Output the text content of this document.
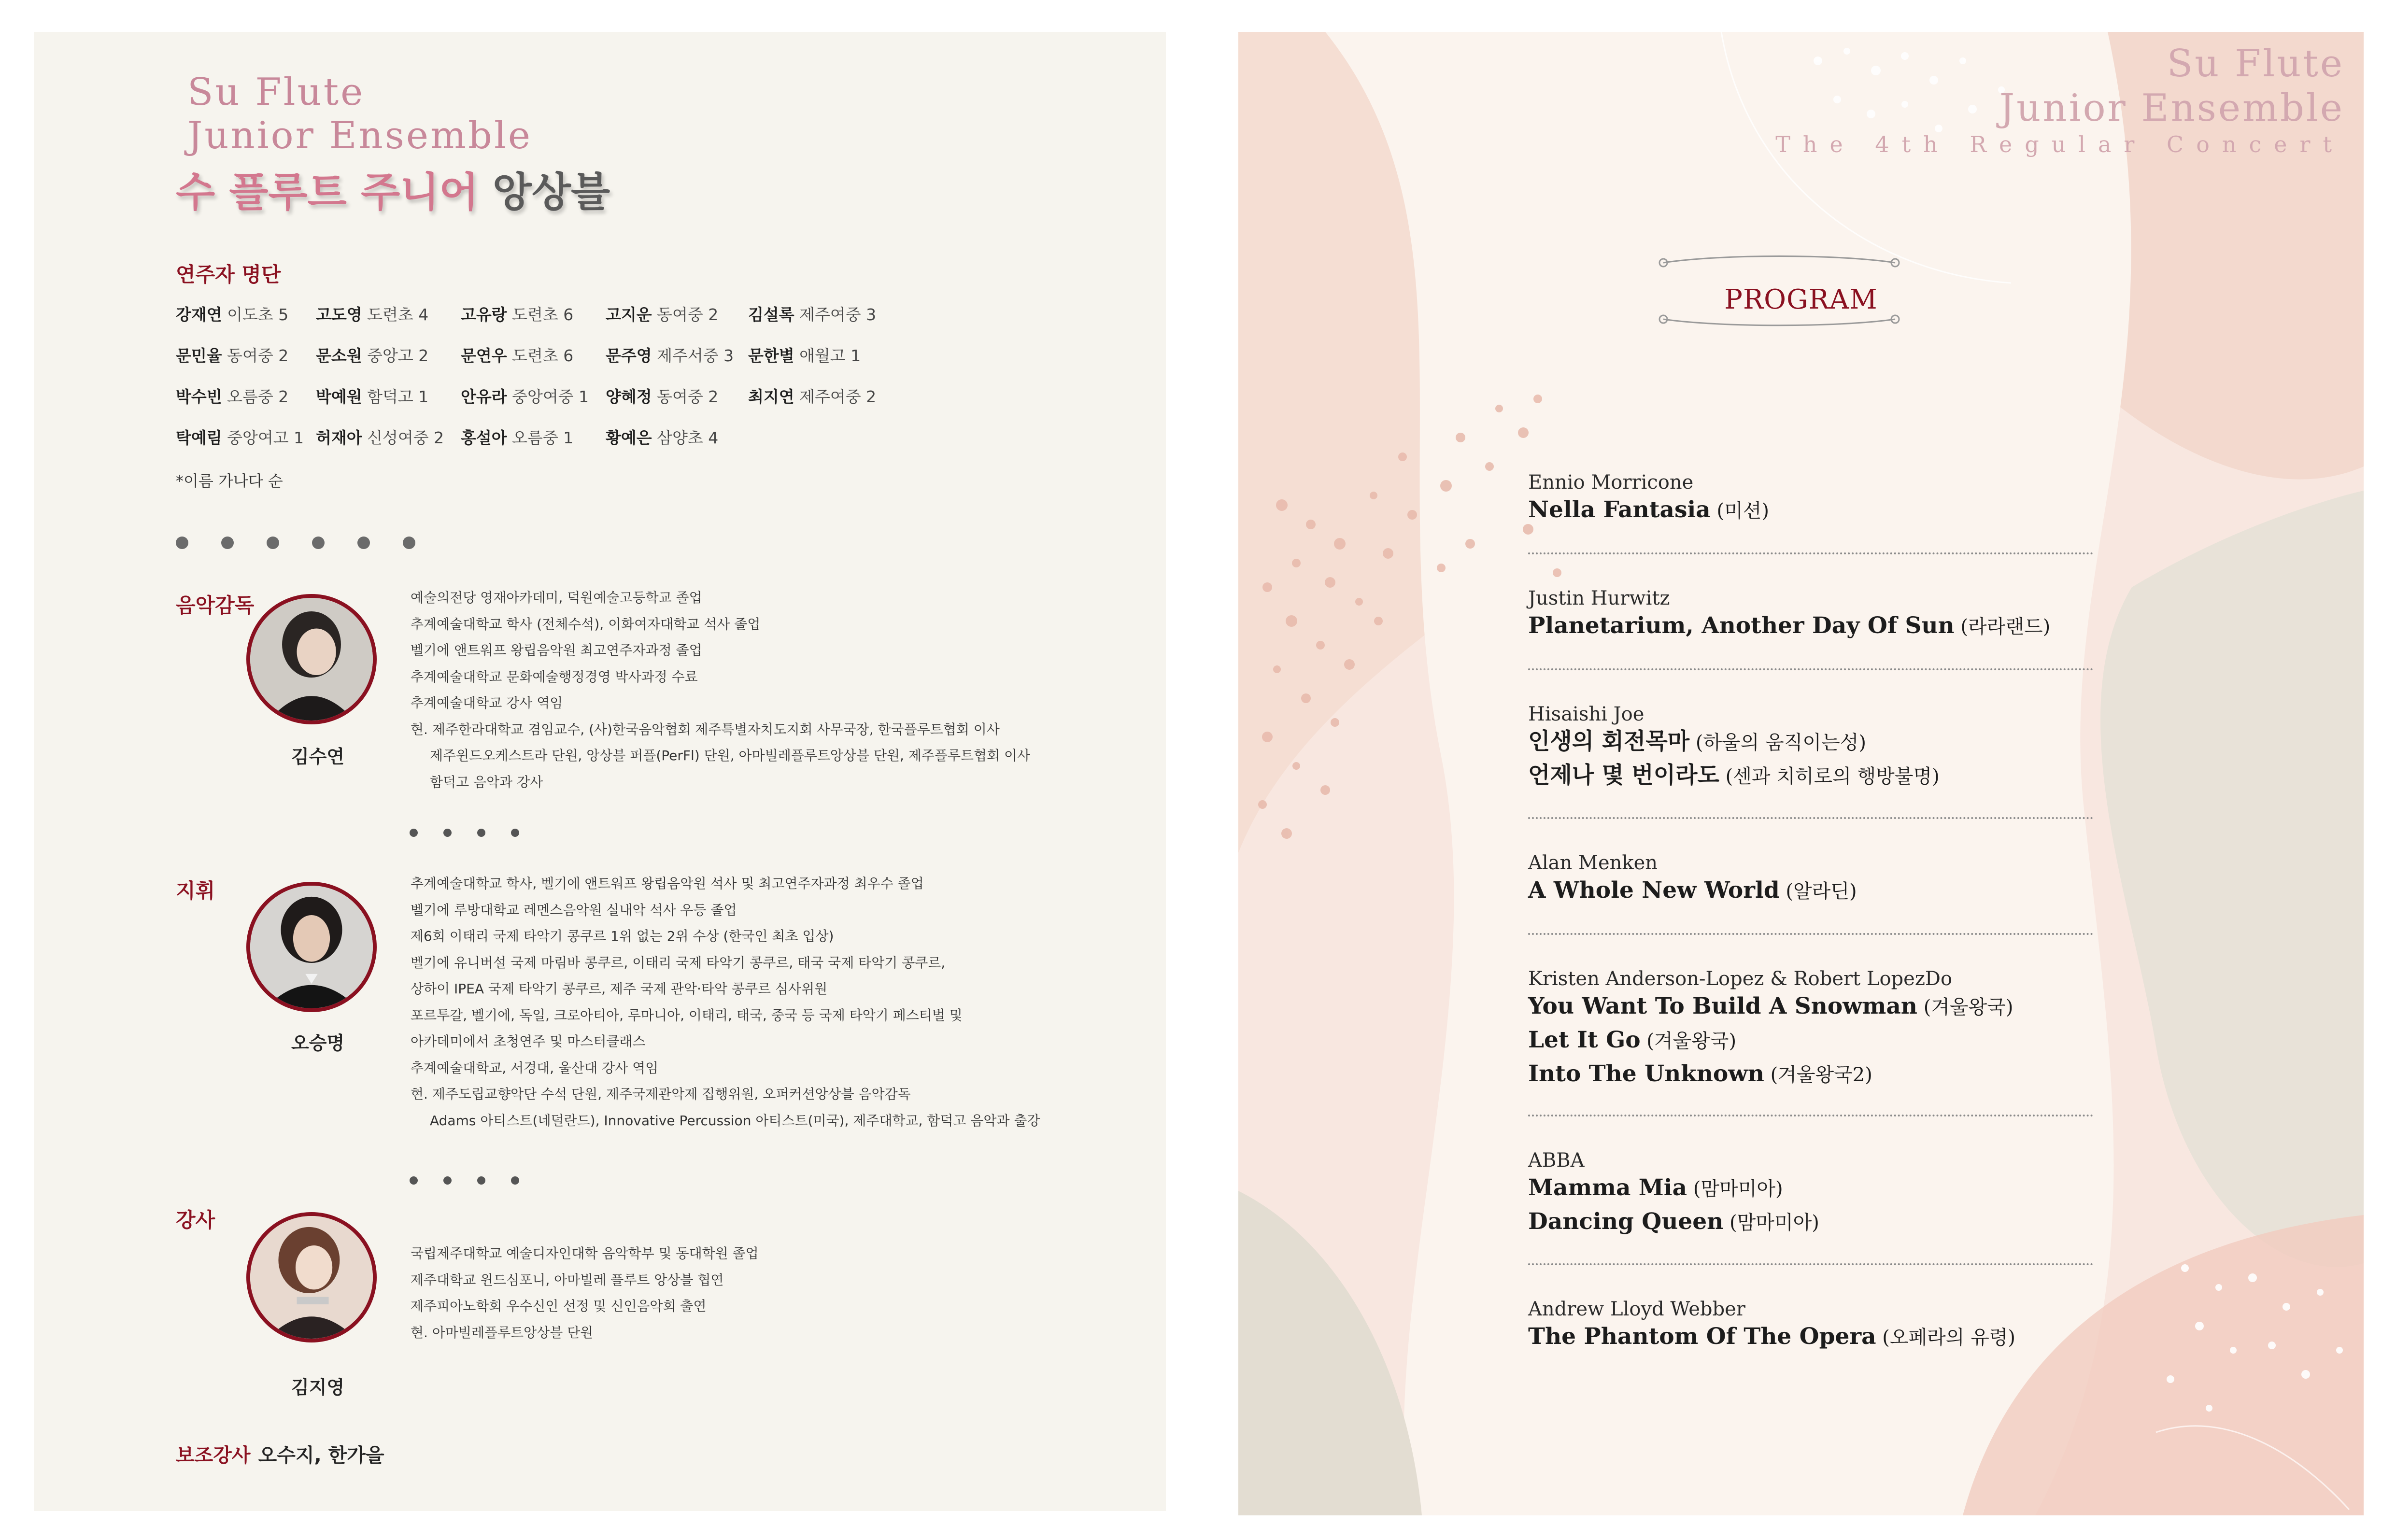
Su Flute
Junior Ensemble
수 플루트 주니어 앙상블
연주자 명단
강재연 이도초 5 고도영 도련초 4 고유랑 도련초 6 고지운 동여중 2 김설록 제주여중 3
문민율 동여중 2 문소원 중앙고 2 문연우 도련초 6 문주영 제주서중 3 문한별 애월고 1
박수빈 오름중 2 박예원 함덕고 1 안유라 중앙여중 1 양혜정 동여중 2 최지연 제주여중 2
탁예림 중앙여고 1 허재아 신성여중 2 홍설아 오름중 1 황예은 삼양초 4
*이름 가나다 순
음악감독
김수연
예술의전당 영재아카데미, 덕원예술고등학교 졸업
추계예술대학교 학사 (전체수석), 이화여자대학교 석사 졸업
벨기에 앤트워프 왕립음악원 최고연주자과정 졸업
추계예술대학교 문화예술행정경영 박사과정 수료
추계예술대학교 강사 역임
현. 제주한라대학교 겸임교수, (사)한국음악협회 제주특별자치도지회 사무국장, 한국플루트협회 이사
제주윈드오케스트라 단원, 앙상블 퍼플(PerFl) 단원, 아마빌레플루트앙상블 단원, 제주플루트협회 이사
함덕고 음악과 강사
지휘
오승명
추계예술대학교 학사, 벨기에 앤트워프 왕립음악원 석사 및 최고연주자과정 최우수 졸업
벨기에 루방대학교 레멘스음악원 실내악 석사 우등 졸업
제6회 이태리 국제 타악기 콩쿠르 1위 없는 2위 수상 (한국인 최초 입상)
벨기에 유니버설 국제 마림바 콩쿠르, 이태리 국제 타악기 콩쿠르, 태국 국제 타악기 콩쿠르,
상하이 IPEA 국제 타악기 콩쿠르, 제주 국제 관악·타악 콩쿠르 심사위원
포르투갈, 벨기에, 독일, 크로아티아, 루마니아, 이태리, 태국, 중국 등 국제 타악기 페스티벌 및
아카데미에서 초청연주 및 마스터클래스
추계예술대학교, 서경대, 울산대 강사 역임
현. 제주도립교향악단 수석 단원, 제주국제관악제 집행위원, 오퍼커션앙상블 음악감독
Adams 아티스트(네덜란드), Innovative Percussion 아티스트(미국), 제주대학교, 함덕고 음악과 출강
강사
김지영
국립제주대학교 예술디자인대학 음악학부 및 동대학원 졸업
제주대학교 윈드심포니, 아마빌레 플루트 앙상블 협연
제주피아노학회 우수신인 선정 및 신인음악회 출연
현. 아마빌레플루트앙상블 단원
보조강사 오수지, 한가을
Su Flute
Junior Ensemble
The 4th Regular Concert
PROGRAM
Ennio Morricone
Nella Fantasia (미션)
Justin Hurwitz
Planetarium, Another Day Of Sun (라라랜드)
Hisaishi Joe
인생의 회전목마 (하울의 움직이는성)
언제나 몇 번이라도 (센과 치히로의 행방불명)
Alan Menken
A Whole New World (알라딘)
Kristen Anderson-Lopez & Robert LopezDo
You Want To Build A Snowman (겨울왕국)
Let It Go (겨울왕국)
Into The Unknown (겨울왕국2)
ABBA
Mamma Mia (맘마미아)
Dancing Queen (맘마미아)
Andrew Lloyd Webber
The Phantom Of The Opera (오페라의 유령)
